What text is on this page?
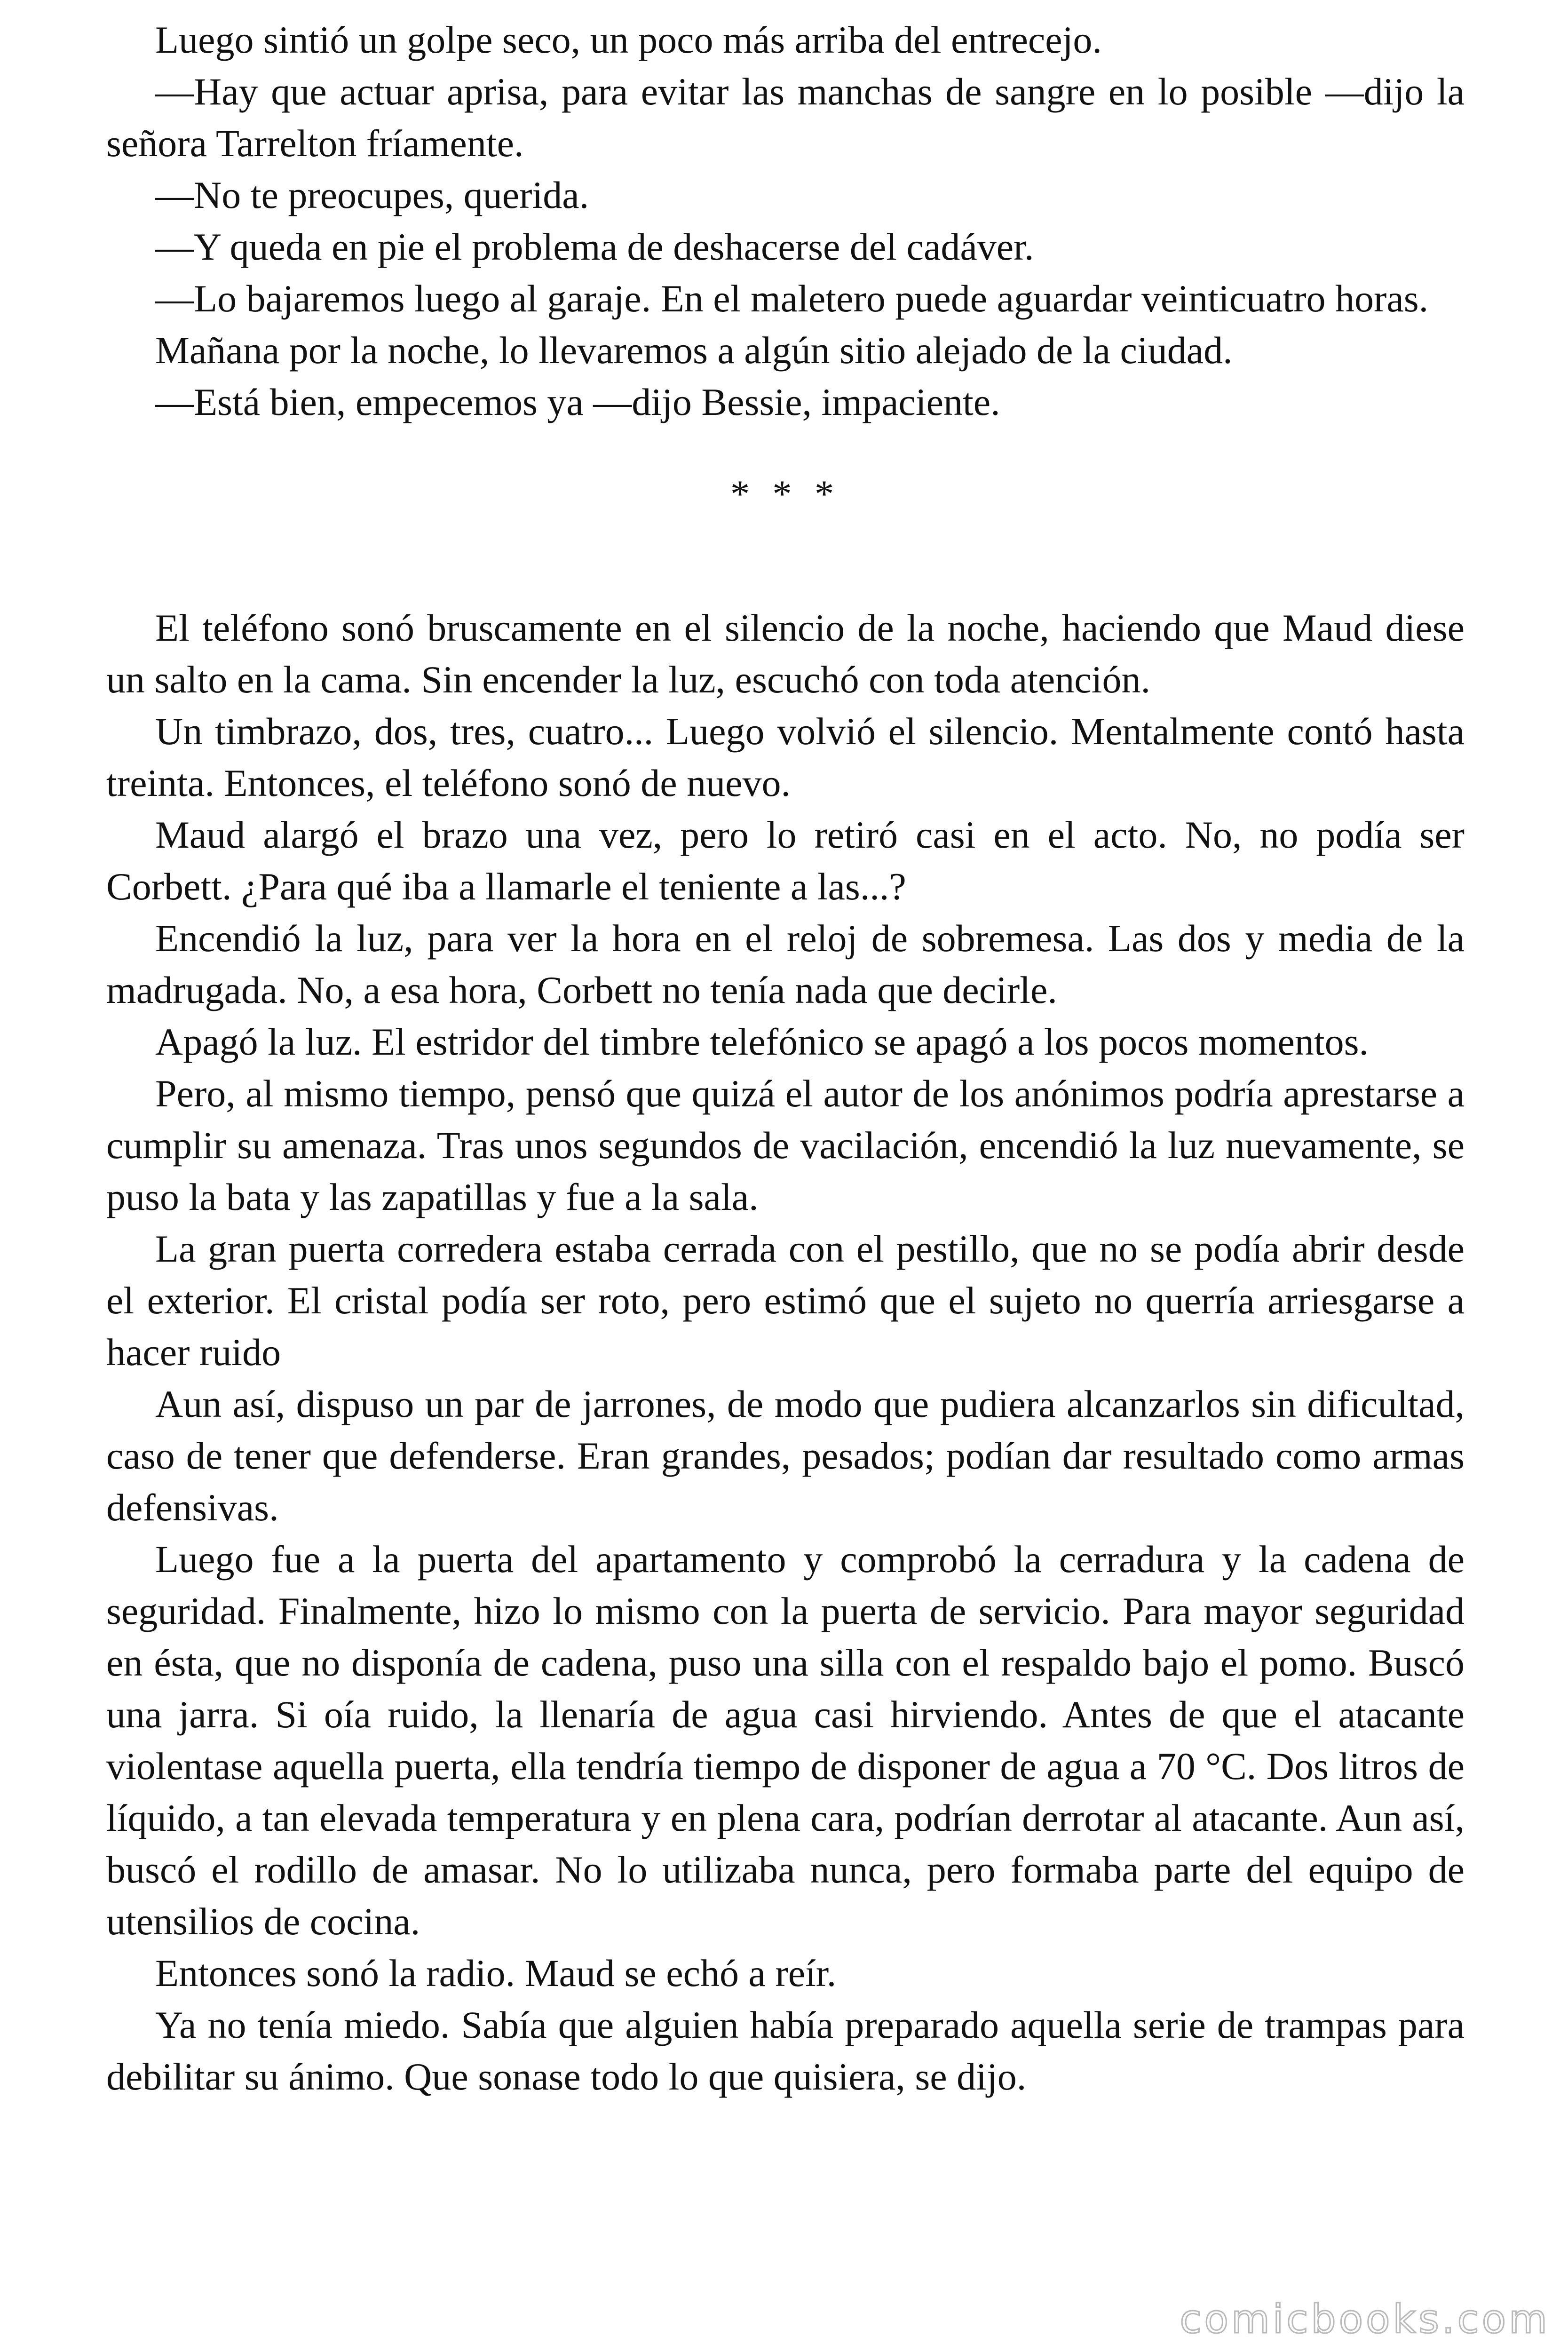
Luego sintió un golpe seco, un poco más arriba del entrecejo.

—Hay que actuar aprisa, para evitar las manchas de sangre en lo posible —dijo la señora Tarrelton fríamente.

—No te preocupes, querida.

—Y queda en pie el problema de deshacerse del cadáver.

—Lo bajaremos luego al garaje. En el maletero puede aguardar veinticuatro horas.

Mañana por la noche, lo llevaremos a algún sitio alejado de la ciudad.

—Está bien, empecemos ya —dijo Bessie, impaciente.

* * *

El teléfono sonó bruscamente en el silencio de la noche, haciendo que Maud diese un salto en la cama. Sin encender la luz, escuchó con toda atención.

Un timbrazo, dos, tres, cuatro... Luego volvió el silencio. Mentalmente contó hasta treinta. Entonces, el teléfono sonó de nuevo.

Maud alargó el brazo una vez, pero lo retiró casi en el acto. No, no podía ser Corbett. ¿Para qué iba a llamarle el teniente a las...?

Encendió la luz, para ver la hora en el reloj de sobremesa. Las dos y media de la madrugada. No, a esa hora, Corbett no tenía nada que decirle.

Apagó la luz. El estridor del timbre telefónico se apagó a los pocos momentos.

Pero, al mismo tiempo, pensó que quizá el autor de los anónimos podría aprestarse a cumplir su amenaza. Tras unos segundos de vacilación, encendió la luz nuevamente, se puso la bata y las zapatillas y fue a la sala.

La gran puerta corredera estaba cerrada con el pestillo, que no se podía abrir desde el exterior. El cristal podía ser roto, pero estimó que el sujeto no querría arriesgarse a hacer ruido

Aun así, dispuso un par de jarrones, de modo que pudiera alcanzarlos sin dificultad, caso de tener que defenderse. Eran grandes, pesados; podían dar resultado como armas defensivas.

Luego fue a la puerta del apartamento y comprobó la cerradura y la cadena de seguridad. Finalmente, hizo lo mismo con la puerta de servicio. Para mayor seguridad en ésta, que no disponía de cadena, puso una silla con el respaldo bajo el pomo. Buscó una jarra. Si oía ruido, la llenaría de agua casi hirviendo. Antes de que el atacante violentase aquella puerta, ella tendría tiempo de disponer de agua a 70 °C. Dos litros de líquido, a tan elevada temperatura y en plena cara, podrían derrotar al atacante. Aun así, buscó el rodillo de amasar. No lo utilizaba nunca, pero formaba parte del equipo de utensilios de cocina.

Entonces sonó la radio. Maud se echó a reír.

Ya no tenía miedo. Sabía que alguien había preparado aquella serie de trampas para debilitar su ánimo. Que sonase todo lo que quisiera, se dijo.

comicbooks.com
